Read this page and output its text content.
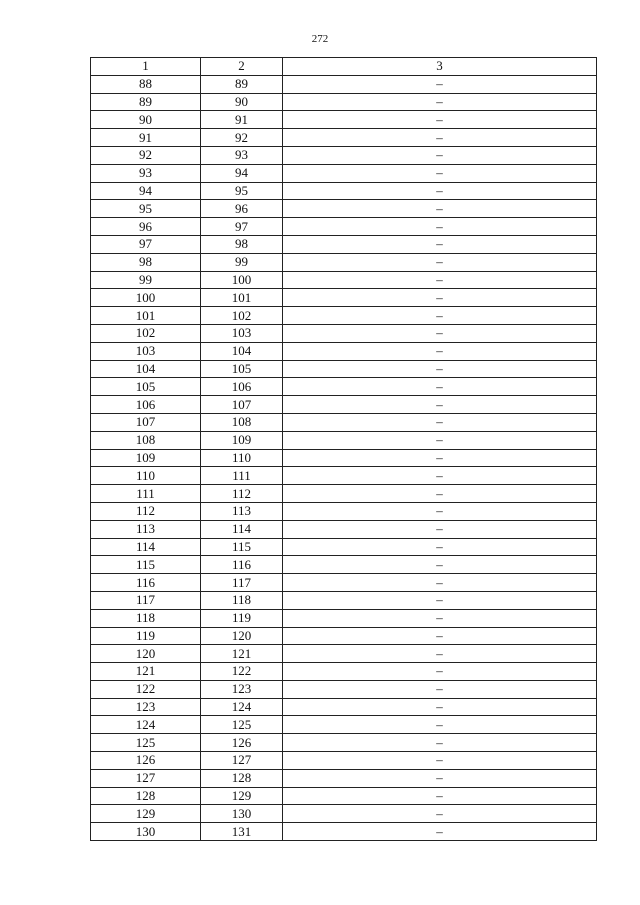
272
1	2	3
88	89	–
89	90	–
90	91	–
91	92	–
92	93	–
93	94	–
94	95	–
95	96	–
96	97	–
97	98	–
98	99	–
99	100	–
100	101	–
101	102	–
102	103	–
103	104	–
104	105	–
105	106	–
106	107	–
107	108	–
108	109	–
109	110	–
110	111	–
111	112	–
112	113	–
113	114	–
114	115	–
115	116	–
116	117	–
117	118	–
118	119	–
119	120	–
120	121	–
121	122	–
122	123	–
123	124	–
124	125	–
125	126	–
126	127	–
127	128	–
128	129	–
129	130	–
130	131	–
